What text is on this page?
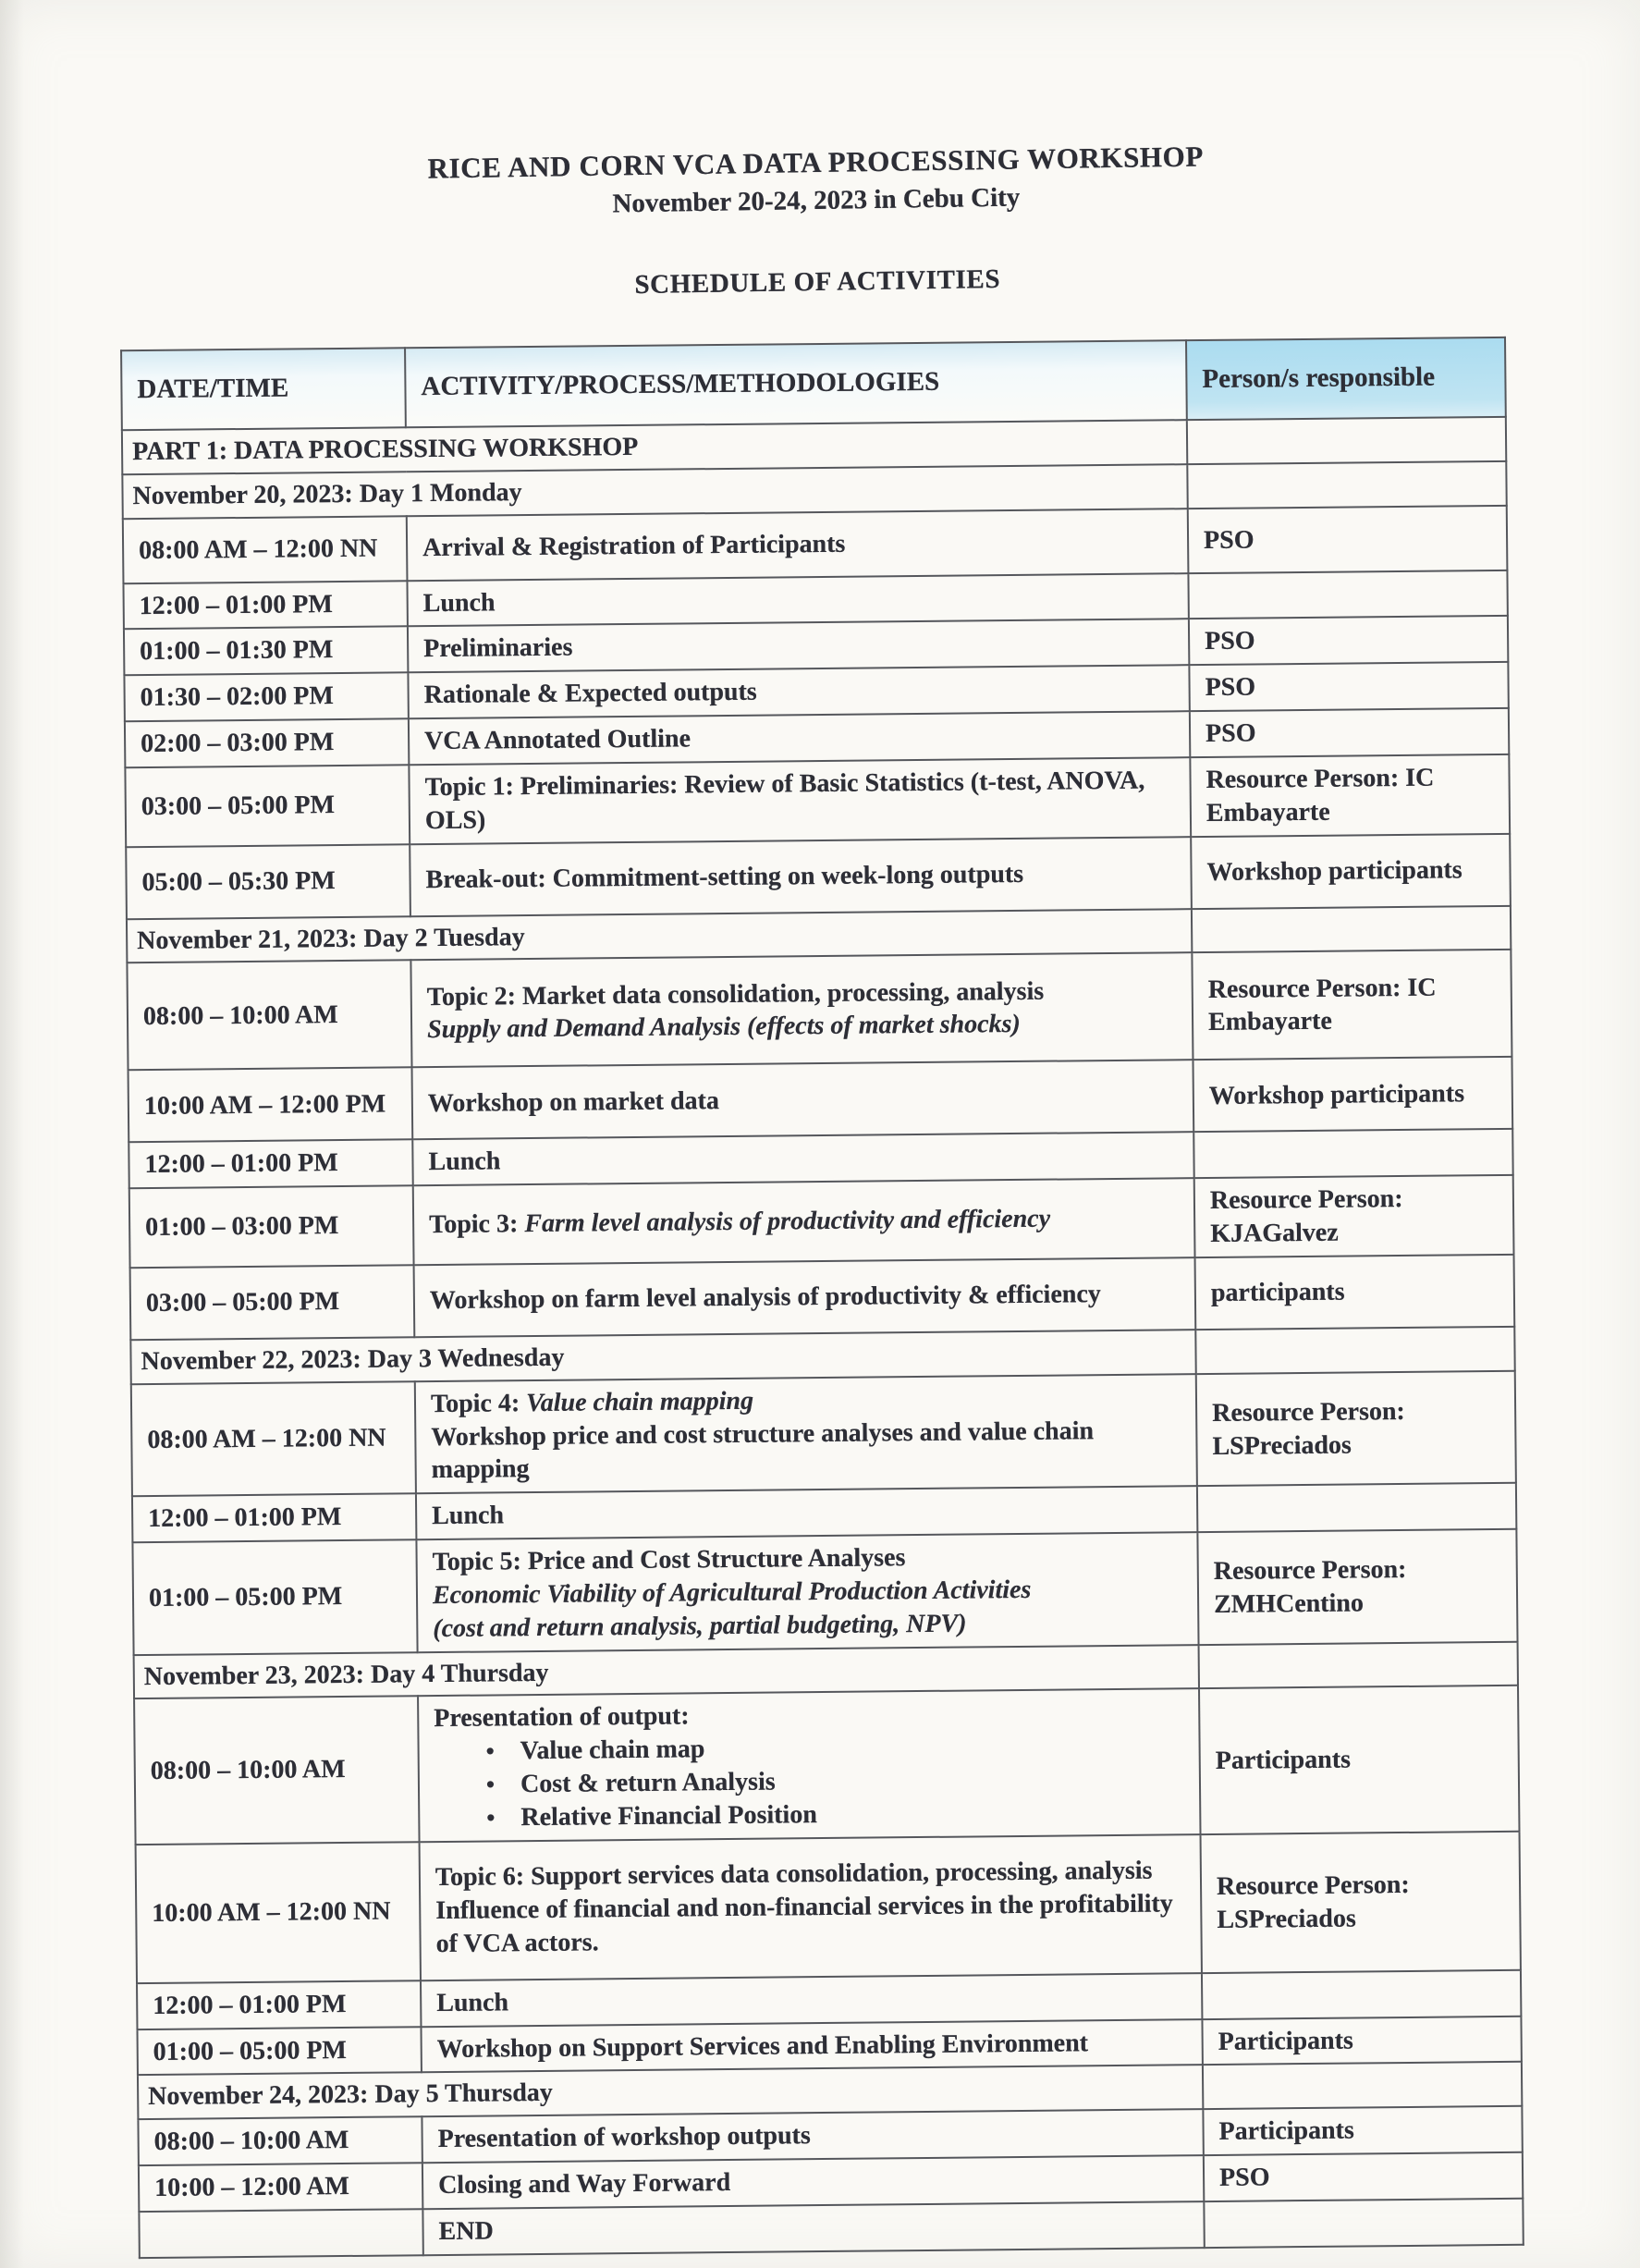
RICE AND CORN VCA DATA PROCESSING WORKSHOP

November 20-24, 2023 in Cebu City

SCHEDULE OF ACTIVITIES

DATE/TIME	ACTIVITY/PROCESS/METHODOLOGIES	Person/s responsible
PART 1: DATA PROCESSING WORKSHOP		
November 20, 2023: Day 1 Monday		
08:00 AM – 12:00 NN	Arrival & Registration of Participants	PSO
12:00 – 01:00 PM	Lunch	

01:00 – 01:30 PM	Preliminaries	PSO
01:30 – 02:00 PM	Rationale & Expected outputs	PSO
02:00 – 03:00 PM	VCA Annotated Outline	PSO
03:00 – 05:00 PM	Topic 1: Preliminaries: Review of Basic Statistics (t-test, ANOVA, OLS)	Resource Person: IC Embayarte
05:00 – 05:30 PM	Break-out: Commitment-setting on week-long outputs	Workshop participants
November 21, 2023: Day 2 Tuesday		
08:00 – 10:00 AM	Topic 2: Market data consolidation, processing, analysis
Supply and Demand Analysis (effects of market shocks)	Resource Person: IC Embayarte
10:00 AM – 12:00 PM	Workshop on market data	Workshop participants
12:00 – 01:00 PM	Lunch	

01:00 – 03:00 PM	Topic 3: Farm level analysis of productivity and efficiency	Resource Person: KJAGalvez
03:00 – 05:00 PM	Workshop on farm level analysis of productivity & efficiency	participants
November 22, 2023: Day 3 Wednesday		
08:00 AM – 12:00 NN	Topic 4: Value chain mapping
Workshop price and cost structure analyses and value chain mapping	Resource Person: LSPreciados
12:00 – 01:00 PM	Lunch	

01:00 – 05:00 PM	Topic 5: Price and Cost Structure Analyses
Economic Viability of Agricultural Production Activities
(cost and return analysis, partial budgeting, NPV)	Resource Person: ZMHCentino
November 23, 2023: Day 4 Thursday		
08:00 – 10:00 AM	
Presentation of output:
• Value chain map
• Cost & return Analysis
• Relative Financial Position
	Participants
10:00 AM – 12:00 NN	Topic 6: Support services data consolidation, processing, analysis
Influence of financial and non-financial services in the profitability of VCA actors.	Resource Person: LSPreciados
12:00 – 01:00 PM	Lunch	

01:00 – 05:00 PM	Workshop on Support Services and Enabling Environment	Participants
November 24, 2023: Day 5 Thursday		
08:00 – 10:00 AM	Presentation of workshop outputs	Participants
10:00 – 12:00 AM	Closing and Way Forward	PSO

	END	
